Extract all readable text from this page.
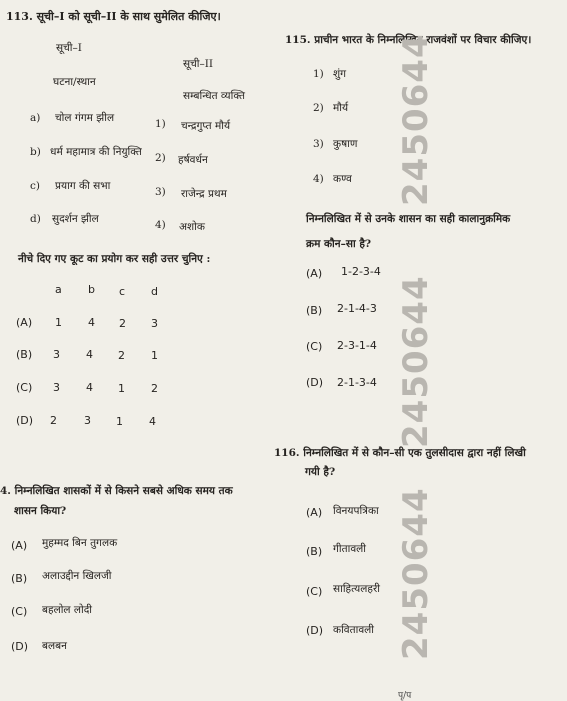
113. सूची–I को सूची–II के साथ सुमेलित कीजिए।
सूची–I
सूची–II
घटना/स्थान
सम्बन्धित व्यक्ति
a) चोल गंगम झील	1) चन्द्रगुप्त मौर्य
b) धर्म महामात्र की नियुक्ति 2) हर्षवर्धन
c) प्रयाग की सभा	3) राजेन्द्र प्रथम
d) सुदर्शन झील	4) अशोक
नीचे दिए गए कूट का प्रयोग कर सही उत्तर चुनिए :
a b c d
(A) 1 4 2 3
(B) 3 4 2 1
(C) 3 4 1 2
(D) 2 3 1 4
4. निम्नलिखित शासकों में से किसने सबसे अधिक समय तक
शासन किया?
(A) मुहम्मद बिन तुगलक
(B) अलाउद्दीन खिलजी
(C) बहलोल लोदी
(D) बलबन
115. प्राचीन भारत के निम्नलिखित राजवंशों पर विचार कीजिए।
1) शुंग
2) मौर्य
3) कुषाण
4) कण्व
निम्नलिखित में से उनके शासन का सही कालानुक्रमिक
क्रम कौन–सा है?
(A) 1-2-3-4
(B) 2-1-4-3
(C) 2-3-1-4
(D) 2-1-3-4
116. निम्नलिखित में से कौन–सी एक तुलसीदास द्वारा नहीं लिखी
गयी है?
(A) विनयपत्रिका
(B) गीतावली
(C) साहित्यलहरी
(D) कवितावली
2450644
2450644
2450644
पृ/प
